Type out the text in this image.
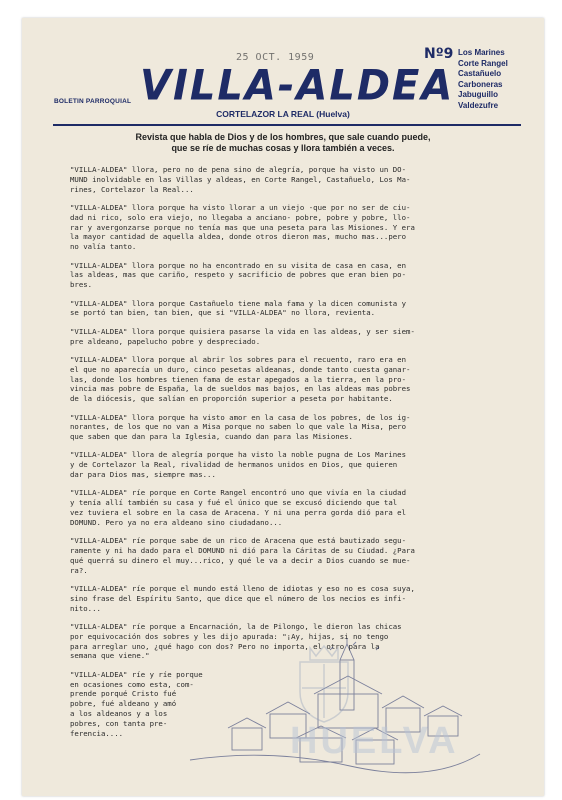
25 OCT. 1959
BOLETIN PARROQUIAL VILLA-ALDEA
Nº9 Los Marines
Corte Rangel
Castañuelo
Carboneras
Jabuguillo
Valdezufre
CORTELAZOR LA REAL (Huelva)
Revista que habla de Dios y de los hombres, que sale cuando puede,
que se ríe de muchas cosas y llora también a veces.

"VILLA-ALDEA" llora, pero no de pena sino de alegría, porque ha visto un DO-
MUND inolvidable en las Villas y aldeas, en Corte Rangel, Castañuelo, Los Ma-
rines, Cortelazor la Real...

"VILLA-ALDEA" llora porque ha visto llorar a un viejo -que por no ser de ciu-
dad ni rico, solo era viejo, no llegaba a anciano- pobre, pobre y pobre, llo-
rar y avergonzarse porque no tenía mas que una peseta para las Misiones. Y era
la mayor cantidad de aquella aldea, donde otros dieron mas, mucho mas...pero
no valía tanto.

"VILLA-ALDEA" llora porque no ha encontrado en su visita de casa en casa, en
las aldeas, mas que cariño, respeto y sacrificio de pobres que eran bien po-
bres.

"VILLA-ALDEA" llora porque Castañuelo tiene mala fama y la dicen comunista y
se portó tan bien, tan bien, que si "VILLA-ALDEA" no llora, revienta.

"VILLA-ALDEA" llora porque quisiera pasarse la vida en las aldeas, y ser siem-
pre aldeano, papelucho pobre y despreciado.

"VILLA-ALDEA" llora porque al abrir los sobres para el recuento, raro era en
el que no aparecía un duro, cinco pesetas aldeanas, donde tanto cuesta ganar-
las, donde los hombres tienen fama de estar apegados a la tierra, en la pro-
vincia mas pobre de España, la de sueldos mas bajos, en las aldeas mas pobres
de la diócesis, que salían en proporción superior a peseta por habitante.

"VILLA-ALDEA" llora porque ha visto amor en la casa de los pobres, de los ig-
norantes, de los que no van a Misa porque no saben lo que vale la Misa, pero
que saben que dan para la Iglesia, cuando dan para las Misiones.

"VILLA-ALDEA" llora de alegría porque ha visto la noble pugna de Los Marines
y de Cortelazor la Real, rivalidad de hermanos unidos en Dios, que quieren
dar para Dios mas, siempre mas...

"VILLA-ALDEA" ríe porque en Corte Rangel encontró uno que vivía en la ciudad
y tenía allí también su casa y fué el único que se excusó diciendo que tal
vez tuviera el sobre en la casa de Aracena. Y ni una perra gorda dió para el
DOMUND. Pero ya no era aldeano sino ciudadano...

"VILLA-ALDEA" ríe porque sabe de un rico de Aracena que está bautizado segu-
ramente y ni ha dado para el DOMUND ni dió para la Cáritas de su Ciudad. ¿Para
qué querrá su dinero el muy...rico, y qué le va a decir a Dios cuando se mue-
ra?.

"VILLA-ALDEA" ríe porque el mundo está lleno de idiotas y eso no es cosa suya,
sino frase del Espíritu Santo, que dice que el número de los necios es infi-
nito...

"VILLA-ALDEA" ríe porque a Encarnación, la de Pilongo, le dieron las chicas
por equivocación dos sobres y les dijo apurada: "¡Ay, hijas, si no tengo
para arreglar uno, ¿qué hago con dos? Pero no importa, el otro para la
semana que viene."

"VILLA-ALDEA" ríe y ríe porque
en ocasiones como esta, com-
prende porqué Cristo fué
pobre, fué aldeano y amó
a los aldeanos y a los
pobres, con tanta pre-
ferencia....	HUELVA
